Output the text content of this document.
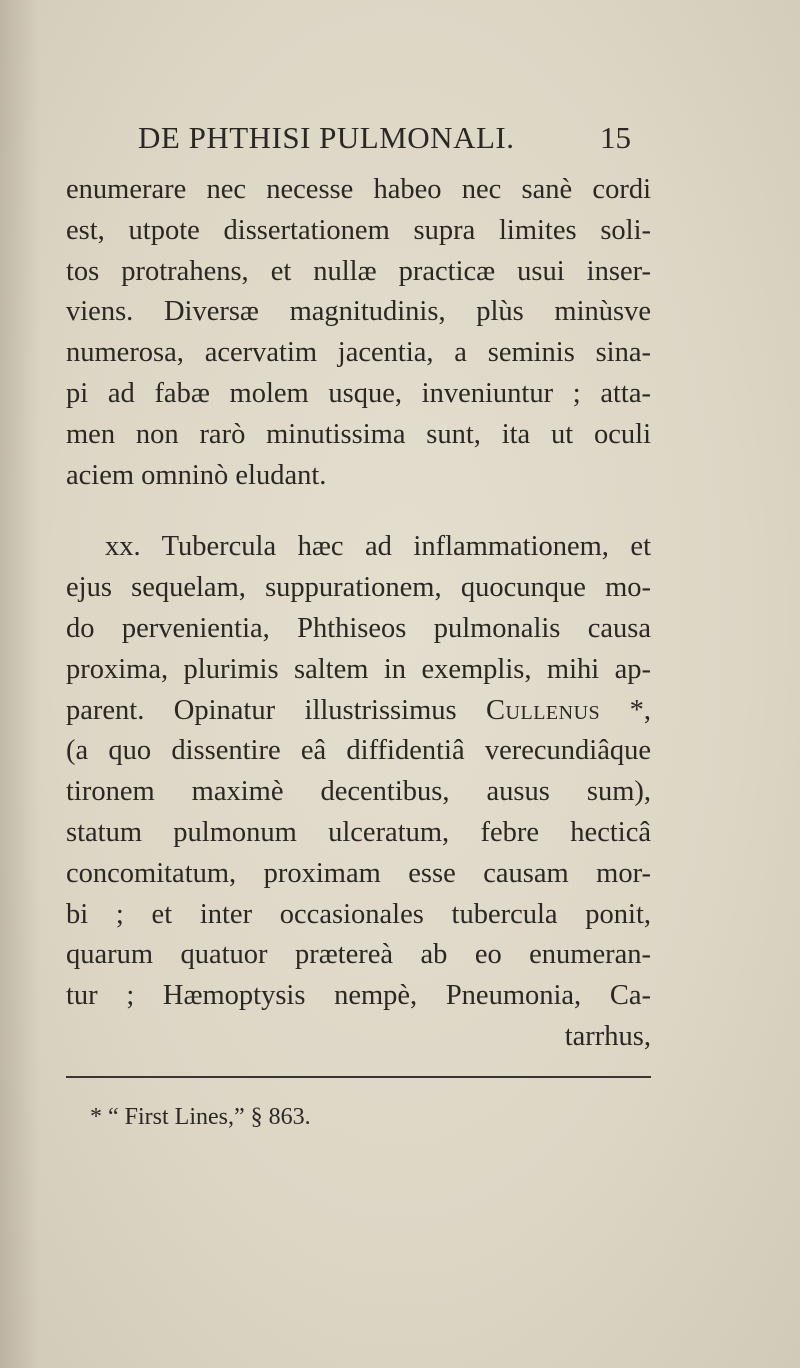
DE PHTHISI PULMONALI.	15
enumerare nec necesse habeo nec sanè cordi
est, utpote dissertationem supra limites soli-
tos protrahens, et nullæ practicæ usui inser-
viens. Diversæ magnitudinis, plùs minùsve
numerosa, acervatim jacentia, a seminis sina-
pi ad fabæ molem usque, inveniuntur ; atta-
men non rarò minutissima sunt, ita ut oculi
aciem omninò eludant.
xx. Tubercula hæc ad inflammationem, et
ejus sequelam, suppurationem, quocunque mo-
do pervenientia, Phthiseos pulmonalis causa
proxima, plurimis saltem in exemplis, mihi ap-
parent. Opinatur illustrissimus Cullenus *,
(a quo dissentire eâ diffidentiâ verecundiâque
tironem maximè decentibus, ausus sum),
statum pulmonum ulceratum, febre hecticâ
concomitatum, proximam esse causam mor-
bi ; et inter occasionales tubercula ponit,
quarum quatuor prætereà ab eo enumeran-
tur ; Hæmoptysis nempè, Pneumonia, Ca-
tarrhus,
* “ First Lines,” § 863.
